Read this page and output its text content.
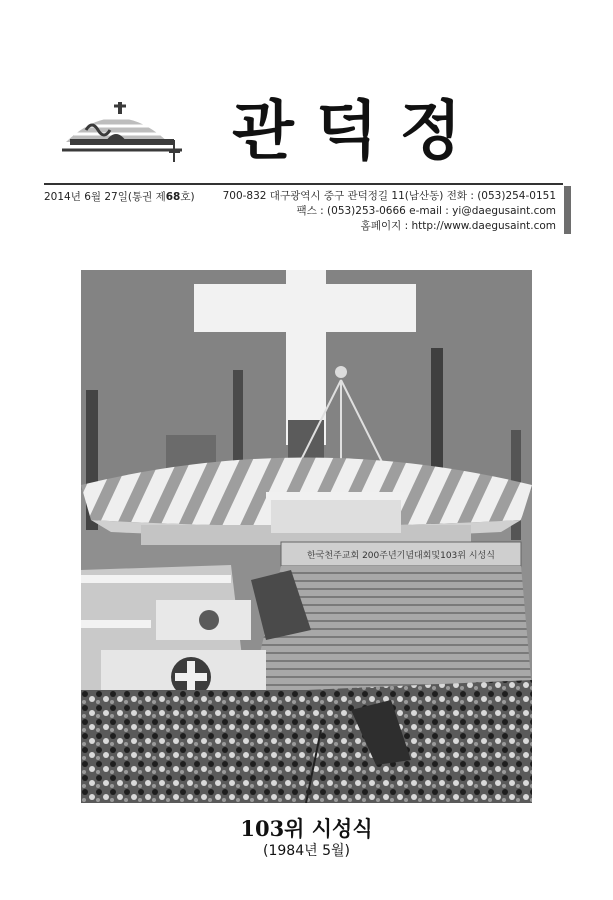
관덕정
2014년 6월 27일(통권 제68호)	700-832 대구광역시 중구 관덕정길 11(남산동) 전화 : (053)254-0151
팩스 : (053)253-0666 e-mail : yi@daegusaint.com
홈페이지 : http://www.daegusaint.com
한국천주교회 200주년기념대회및103위 시성식
103위 시성식
(1984년 5월)
